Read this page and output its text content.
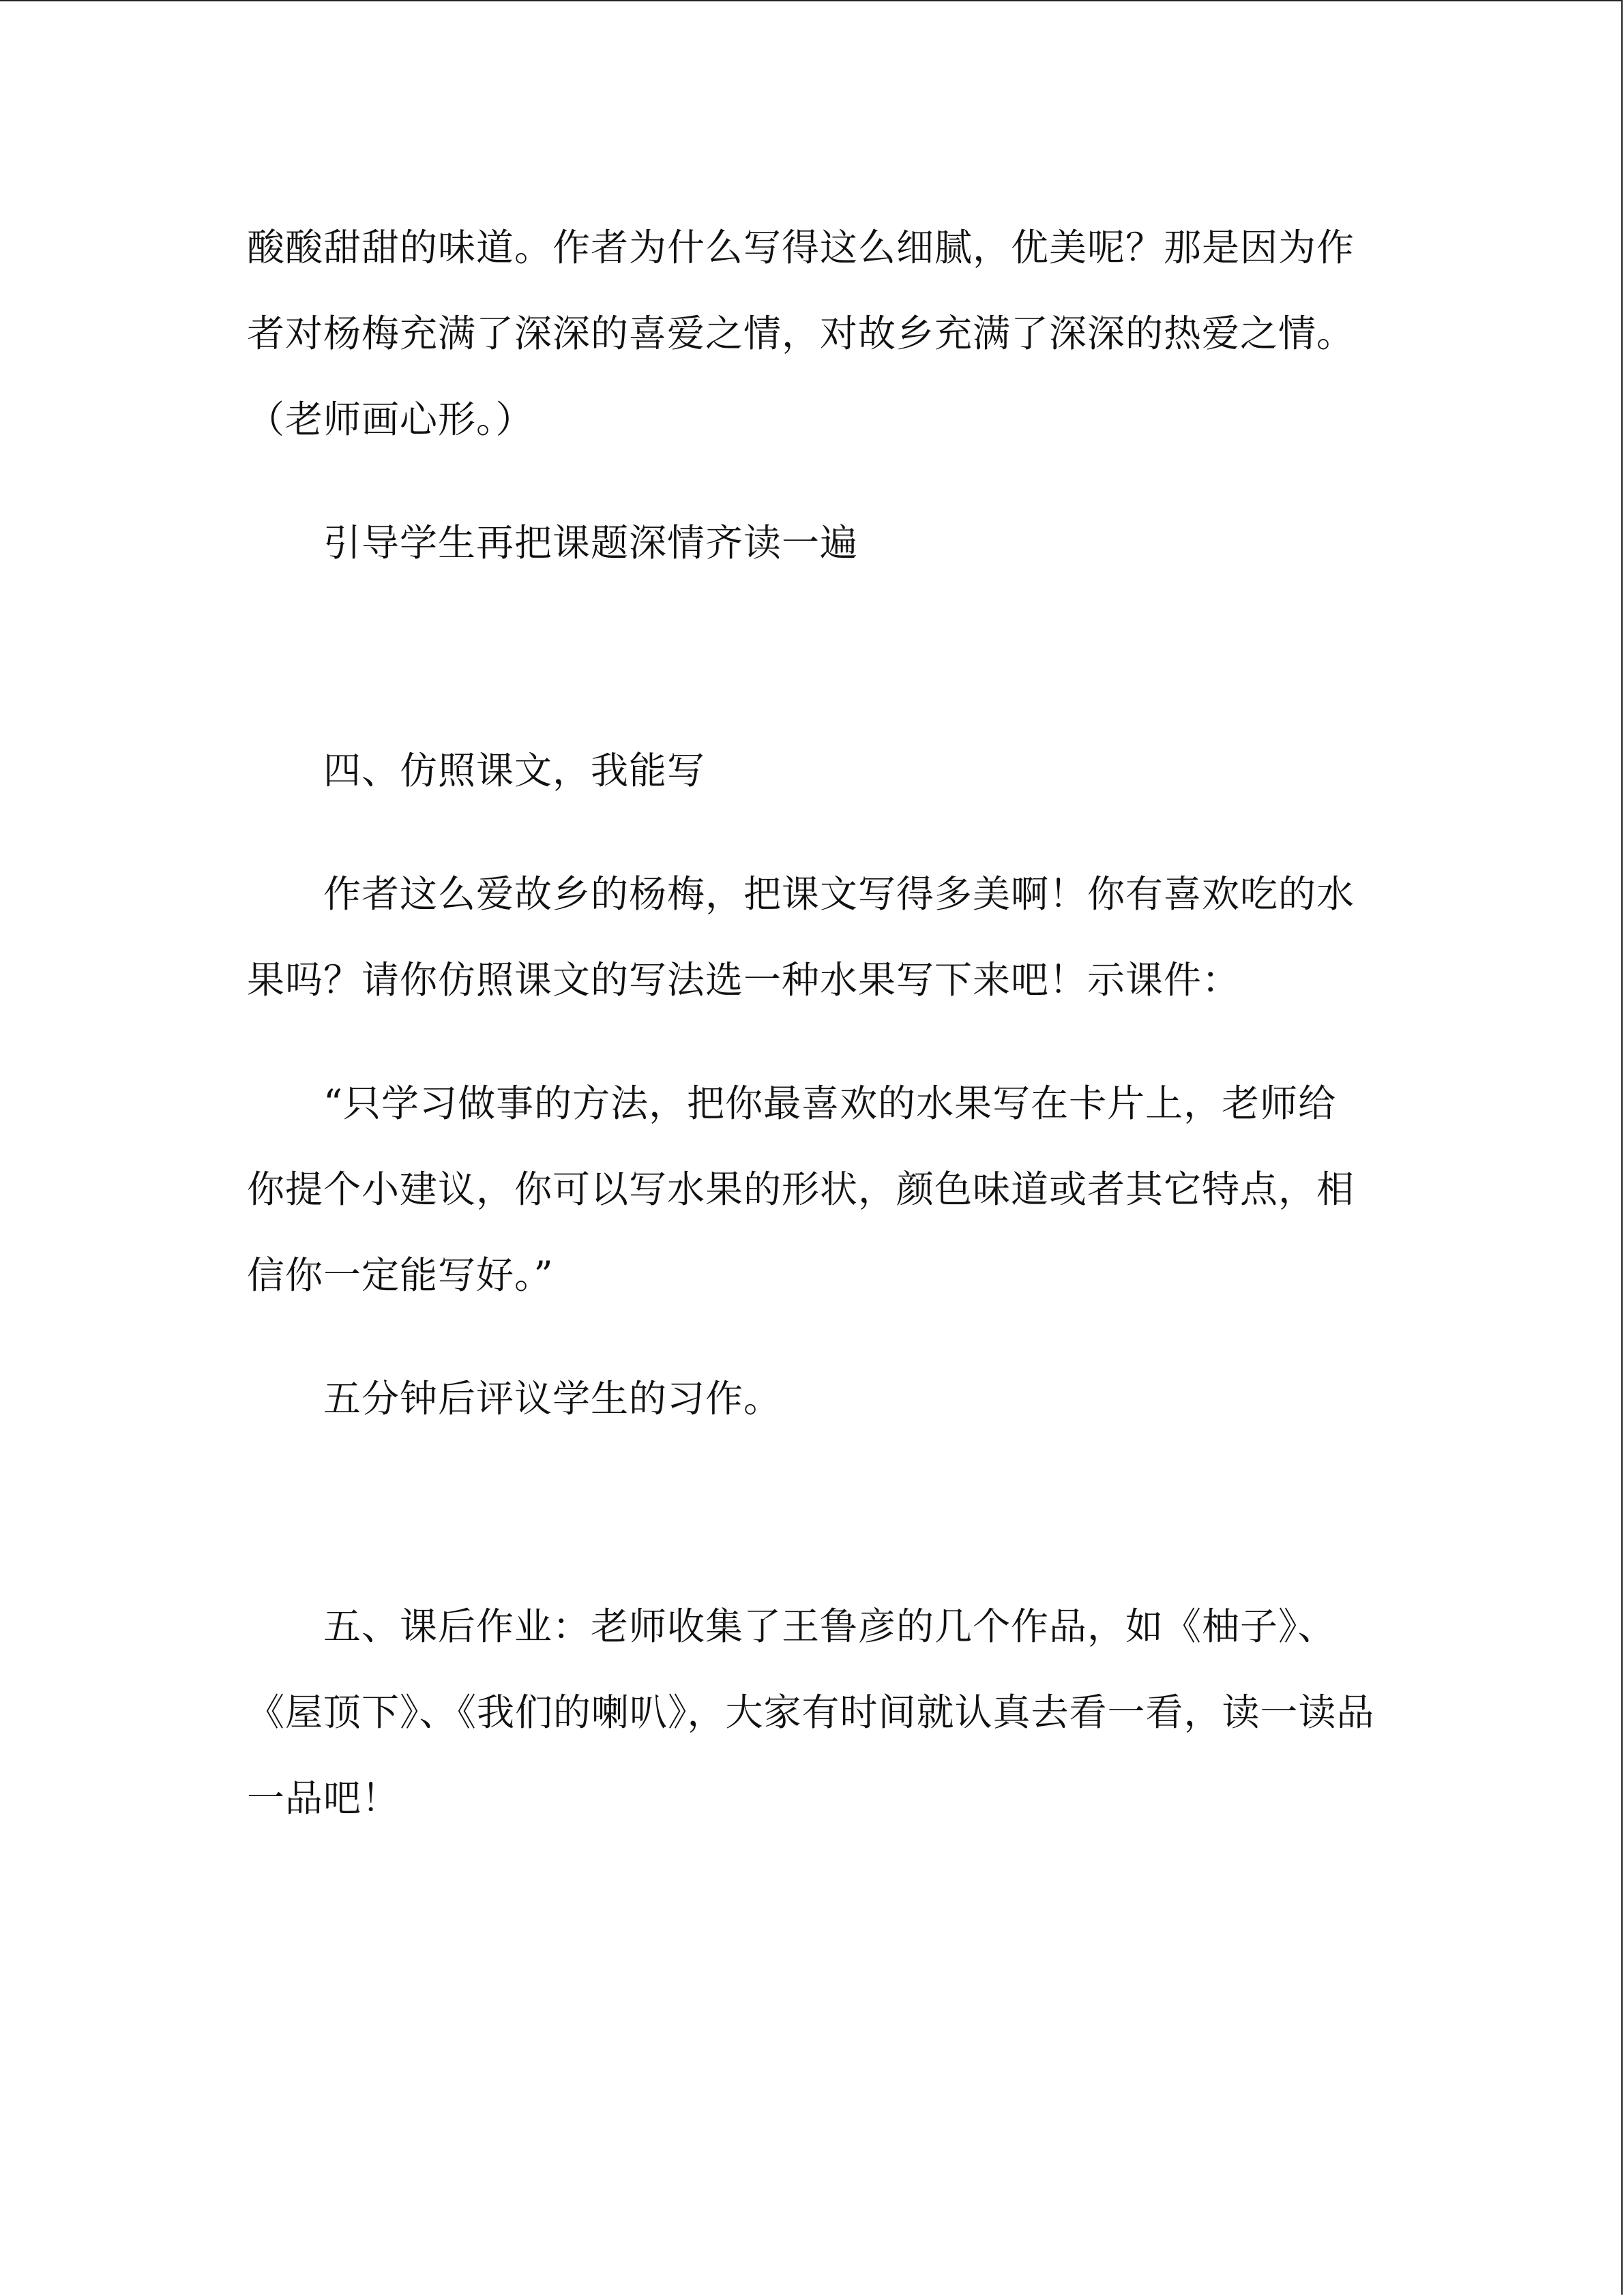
酸酸甜甜的味道。作者为什么写得这么细腻，优美呢？那是因为作
者对杨梅充满了深深的喜爱之情，对故乡充满了深深的热爱之情。
（老师画心形。）
引导学生再把课题深情齐读一遍
四、仿照课文，我能写
作者这么爱故乡的杨梅，把课文写得多美啊！你有喜欢吃的水
果吗？请你仿照课文的写法选一种水果写下来吧！示课件：
“只学习做事的方法，把你最喜欢的水果写在卡片上，老师给
你提个小建议，你可以写水果的形状，颜色味道或者其它特点，相
信你一定能写好。”
五分钟后评议学生的习作。
五、课后作业：老师收集了王鲁彦的几个作品，如《柚子》、
《屋顶下》、《我们的喇叭》，大家有时间就认真去看一看，读一读品
一品吧！
